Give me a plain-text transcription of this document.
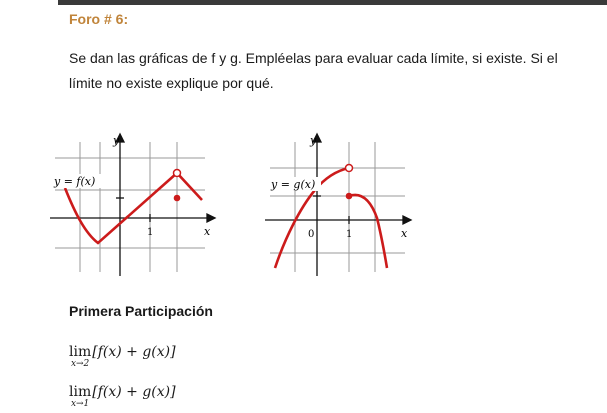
Foro # 6:
Se dan las gráficas de f y g. Empléelas para evaluar cada límite, si existe. Si el límite no existe explique por qué.
y = f(x)
y
x
1
y = g(x)
y
x
1
0
Primera Participación
lim
x→2
[f(x) + g(x)]
lim
x→1
[f(x) + g(x)]
